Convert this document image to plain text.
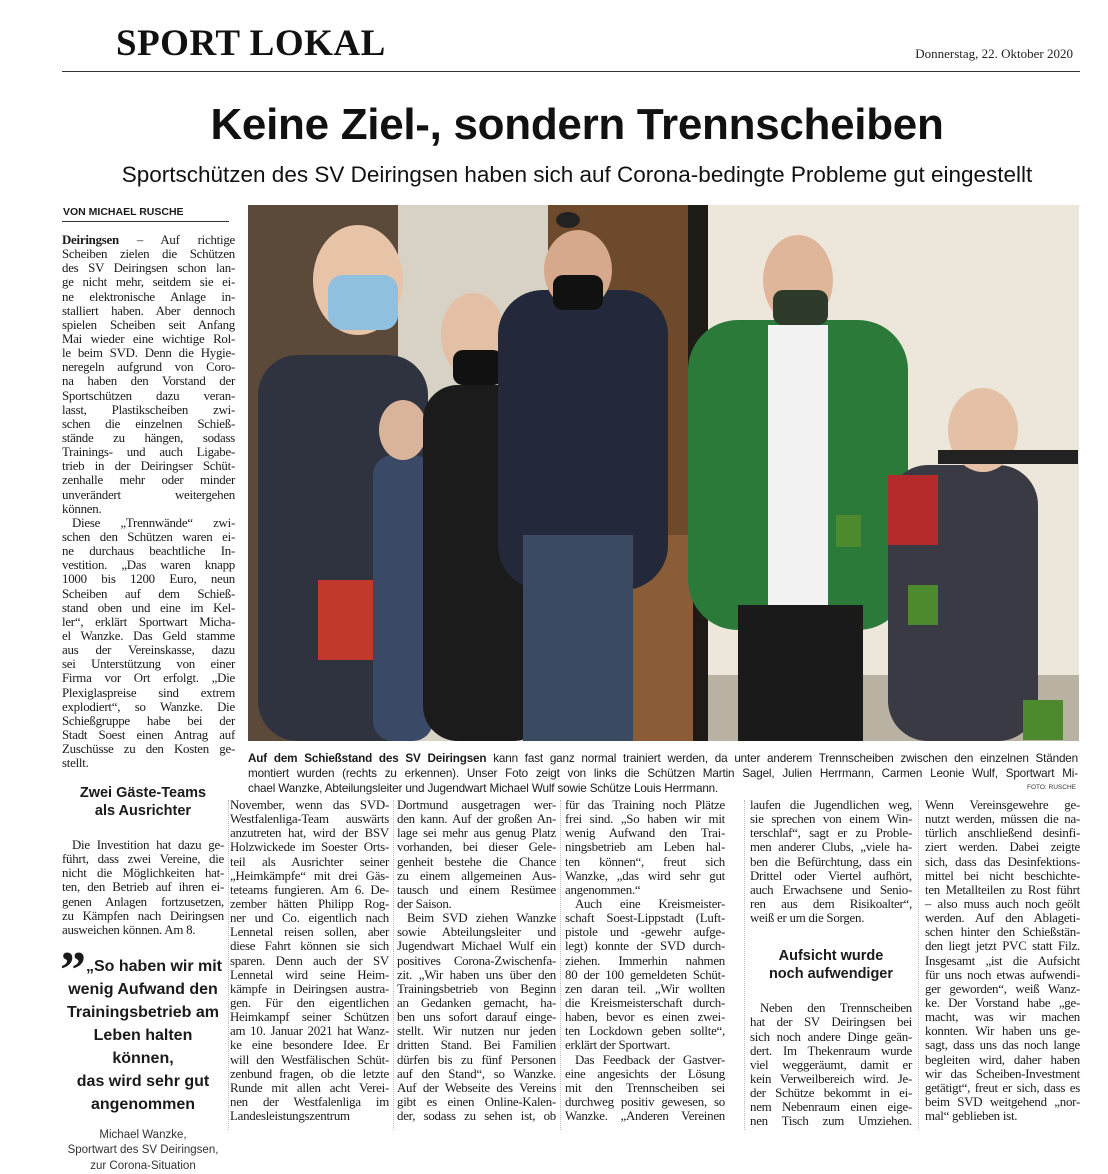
SPORT LOKAL	Donnerstag, 22. Oktober 2020
Keine Ziel-, sondern Trennscheiben
Sportschützen des SV Deiringsen haben sich auf Corona-bedingte Probleme gut eingestellt
VON MICHAEL RUSCHE
Deiringsen – Auf richtige
Scheiben zielen die Schützen
des SV Deiringsen schon lan-
ge nicht mehr, seitdem sie ei-
ne elektronische Anlage in-
stalliert haben. Aber dennoch
spielen Scheiben seit Anfang
Mai wieder eine wichtige Rol-
le beim SVD. Denn die Hygie-
neregeln aufgrund von Coro-
na haben den Vorstand der
Sportschützen dazu veran-
lasst, Plastikscheiben zwi-
schen die einzelnen Schieß-
stände zu hängen, sodass
Trainings- und auch Ligabe-
trieb in der Deiringser Schüt-
zenhalle mehr oder minder
unverändert weitergehen
können.
Diese „Trennwände“ zwi-
schen den Schützen waren ei-
ne durchaus beachtliche In-
vestition. „Das waren knapp
1000 bis 1200 Euro, neun
Scheiben auf dem Schieß-
stand oben und eine im Kel-
ler“, erklärt Sportwart Micha-
el Wanzke. Das Geld stamme
aus der Vereinskasse, dazu
sei Unterstützung von einer
Firma vor Ort erfolgt. „Die
Plexiglaspreise sind extrem
explodiert“, so Wanzke. Die
Schießgruppe habe bei der
Stadt Soest einen Antrag auf
Zuschüsse zu den Kosten ge-
stellt.	Auf dem Schießstand des SV Deiringsen kann fast ganz normal trainiert werden, da unter anderem Trennscheiben zwischen den einzelnen Ständen
montiert wurden (rechts zu erkennen). Unser Foto zeigt von links die Schützen Martin Sagel, Julien Herrmann, Carmen Leonie Wulf, Sportwart Mi-
chael Wanzke, Abteilungsleiter und Jugendwart Michael Wulf sowie Schütze Louis Herrmann.	FOTO: RUSCHE
Zwei Gäste-Teams
als Ausrichter
Die Investition hat dazu ge-
führt, dass zwei Vereine, die
nicht die Möglichkeiten hat-
ten, den Betrieb auf ihren ei-
genen Anlagen fortzusetzen,
zu Kämpfen nach Deiringsen
ausweichen können. Am 8.
” „So haben wir mit
wenig Aufwand den
Trainingsbetrieb am
Leben halten können,
das wird sehr gut
angenommen
Michael Wanzke,
Sportwart des SV Deiringsen,
zur Corona-Situation
November, wenn das SVD-
Westfalenliga-Team auswärts
anzutreten hat, wird der BSV
Holzwickede im Soester Orts-
teil als Ausrichter seiner
„Heimkämpfe“ mit drei Gäs-
teteams fungieren. Am 6. De-
zember hätten Philipp Rog-
ner und Co. eigentlich nach
Lennetal reisen sollen, aber
diese Fahrt können sie sich
sparen. Denn auch der SV
Lennetal wird seine Heim-
kämpfe in Deiringsen austra-
gen. Für den eigentlichen
Heimkampf seiner Schützen
am 10. Januar 2021 hat Wanz-
ke eine besondere Idee. Er
will den Westfälischen Schüt-
zenbund fragen, ob die letzte
Runde mit allen acht Verei-
nen der Westfalenliga im
Landesleistungszentrum
Dortmund ausgetragen wer-
den kann. Auf der großen An-
lage sei mehr aus genug Platz
vorhanden, bei dieser Gele-
genheit bestehe die Chance
zu einem allgemeinen Aus-
tausch und einem Resümee
der Saison.
Beim SVD ziehen Wanzke
sowie Abteilungsleiter und
Jugendwart Michael Wulf ein
positives Corona-Zwischenfa-
zit. „Wir haben uns über den
Trainingsbetrieb von Beginn
an Gedanken gemacht, ha-
ben uns sofort darauf einge-
stellt. Wir nutzen nur jeden
dritten Stand. Bei Familien
dürfen bis zu fünf Personen
auf den Stand“, so Wanzke.
Auf der Webseite des Vereins
gibt es einen Online-Kalen-
der, sodass zu sehen ist, ob
für das Training noch Plätze
frei sind. „So haben wir mit
wenig Aufwand den Trai-
ningsbetrieb am Leben hal-
ten können“, freut sich
Wanzke, „das wird sehr gut
angenommen.“
Auch eine Kreismeister-
schaft Soest-Lippstadt (Luft-
pistole und -gewehr aufge-
legt) konnte der SVD durch-
ziehen. Immerhin nahmen
80 der 100 gemeldeten Schüt-
zen daran teil. „Wir wollten
die Kreismeisterschaft durch-
haben, bevor es einen zwei-
ten Lockdown geben sollte“,
erklärt der Sportwart.
Das Feedback der Gastver-
eine angesichts der Lösung
mit den Trennscheiben sei
durchweg positiv gewesen, so
Wanzke. „Anderen Vereinen
laufen die Jugendlichen weg,
sie sprechen von einem Win-
terschlaf“, sagt er zu Proble-
men anderer Clubs, „viele ha-
ben die Befürchtung, dass ein
Drittel oder Viertel aufhört,
auch Erwachsene und Senio-
ren aus dem Risikoalter“,
weiß er um die Sorgen.
Aufsicht wurde
noch aufwendiger
Neben den Trennscheiben
hat der SV Deiringsen bei
sich noch andere Dinge geän-
dert. Im Thekenraum wurde
viel weggeräumt, damit er
kein Verweilbereich wird. Je-
der Schütze bekommt in ei-
nem Nebenraum einen eige-
nen Tisch zum Umziehen.
Wenn Vereinsgewehre ge-
nutzt werden, müssen die na-
türlich anschließend desinfi-
ziert werden. Dabei zeigte
sich, dass das Desinfektions-
mittel bei nicht beschichte-
ten Metallteilen zu Rost führt
– also muss auch noch geölt
werden. Auf den Ablageti-
schen hinter den Schießstän-
den liegt jetzt PVC statt Filz.
Insgesamt „ist die Aufsicht
für uns noch etwas aufwendi-
ger geworden“, weiß Wanz-
ke. Der Vorstand habe „ge-
macht, was wir machen
konnten. Wir haben uns ge-
sagt, dass uns das noch lange
begleiten wird, daher haben
wir das Scheiben-Investment
getätigt“, freut er sich, dass es
beim SVD weitgehend „nor-
mal“ geblieben ist.
